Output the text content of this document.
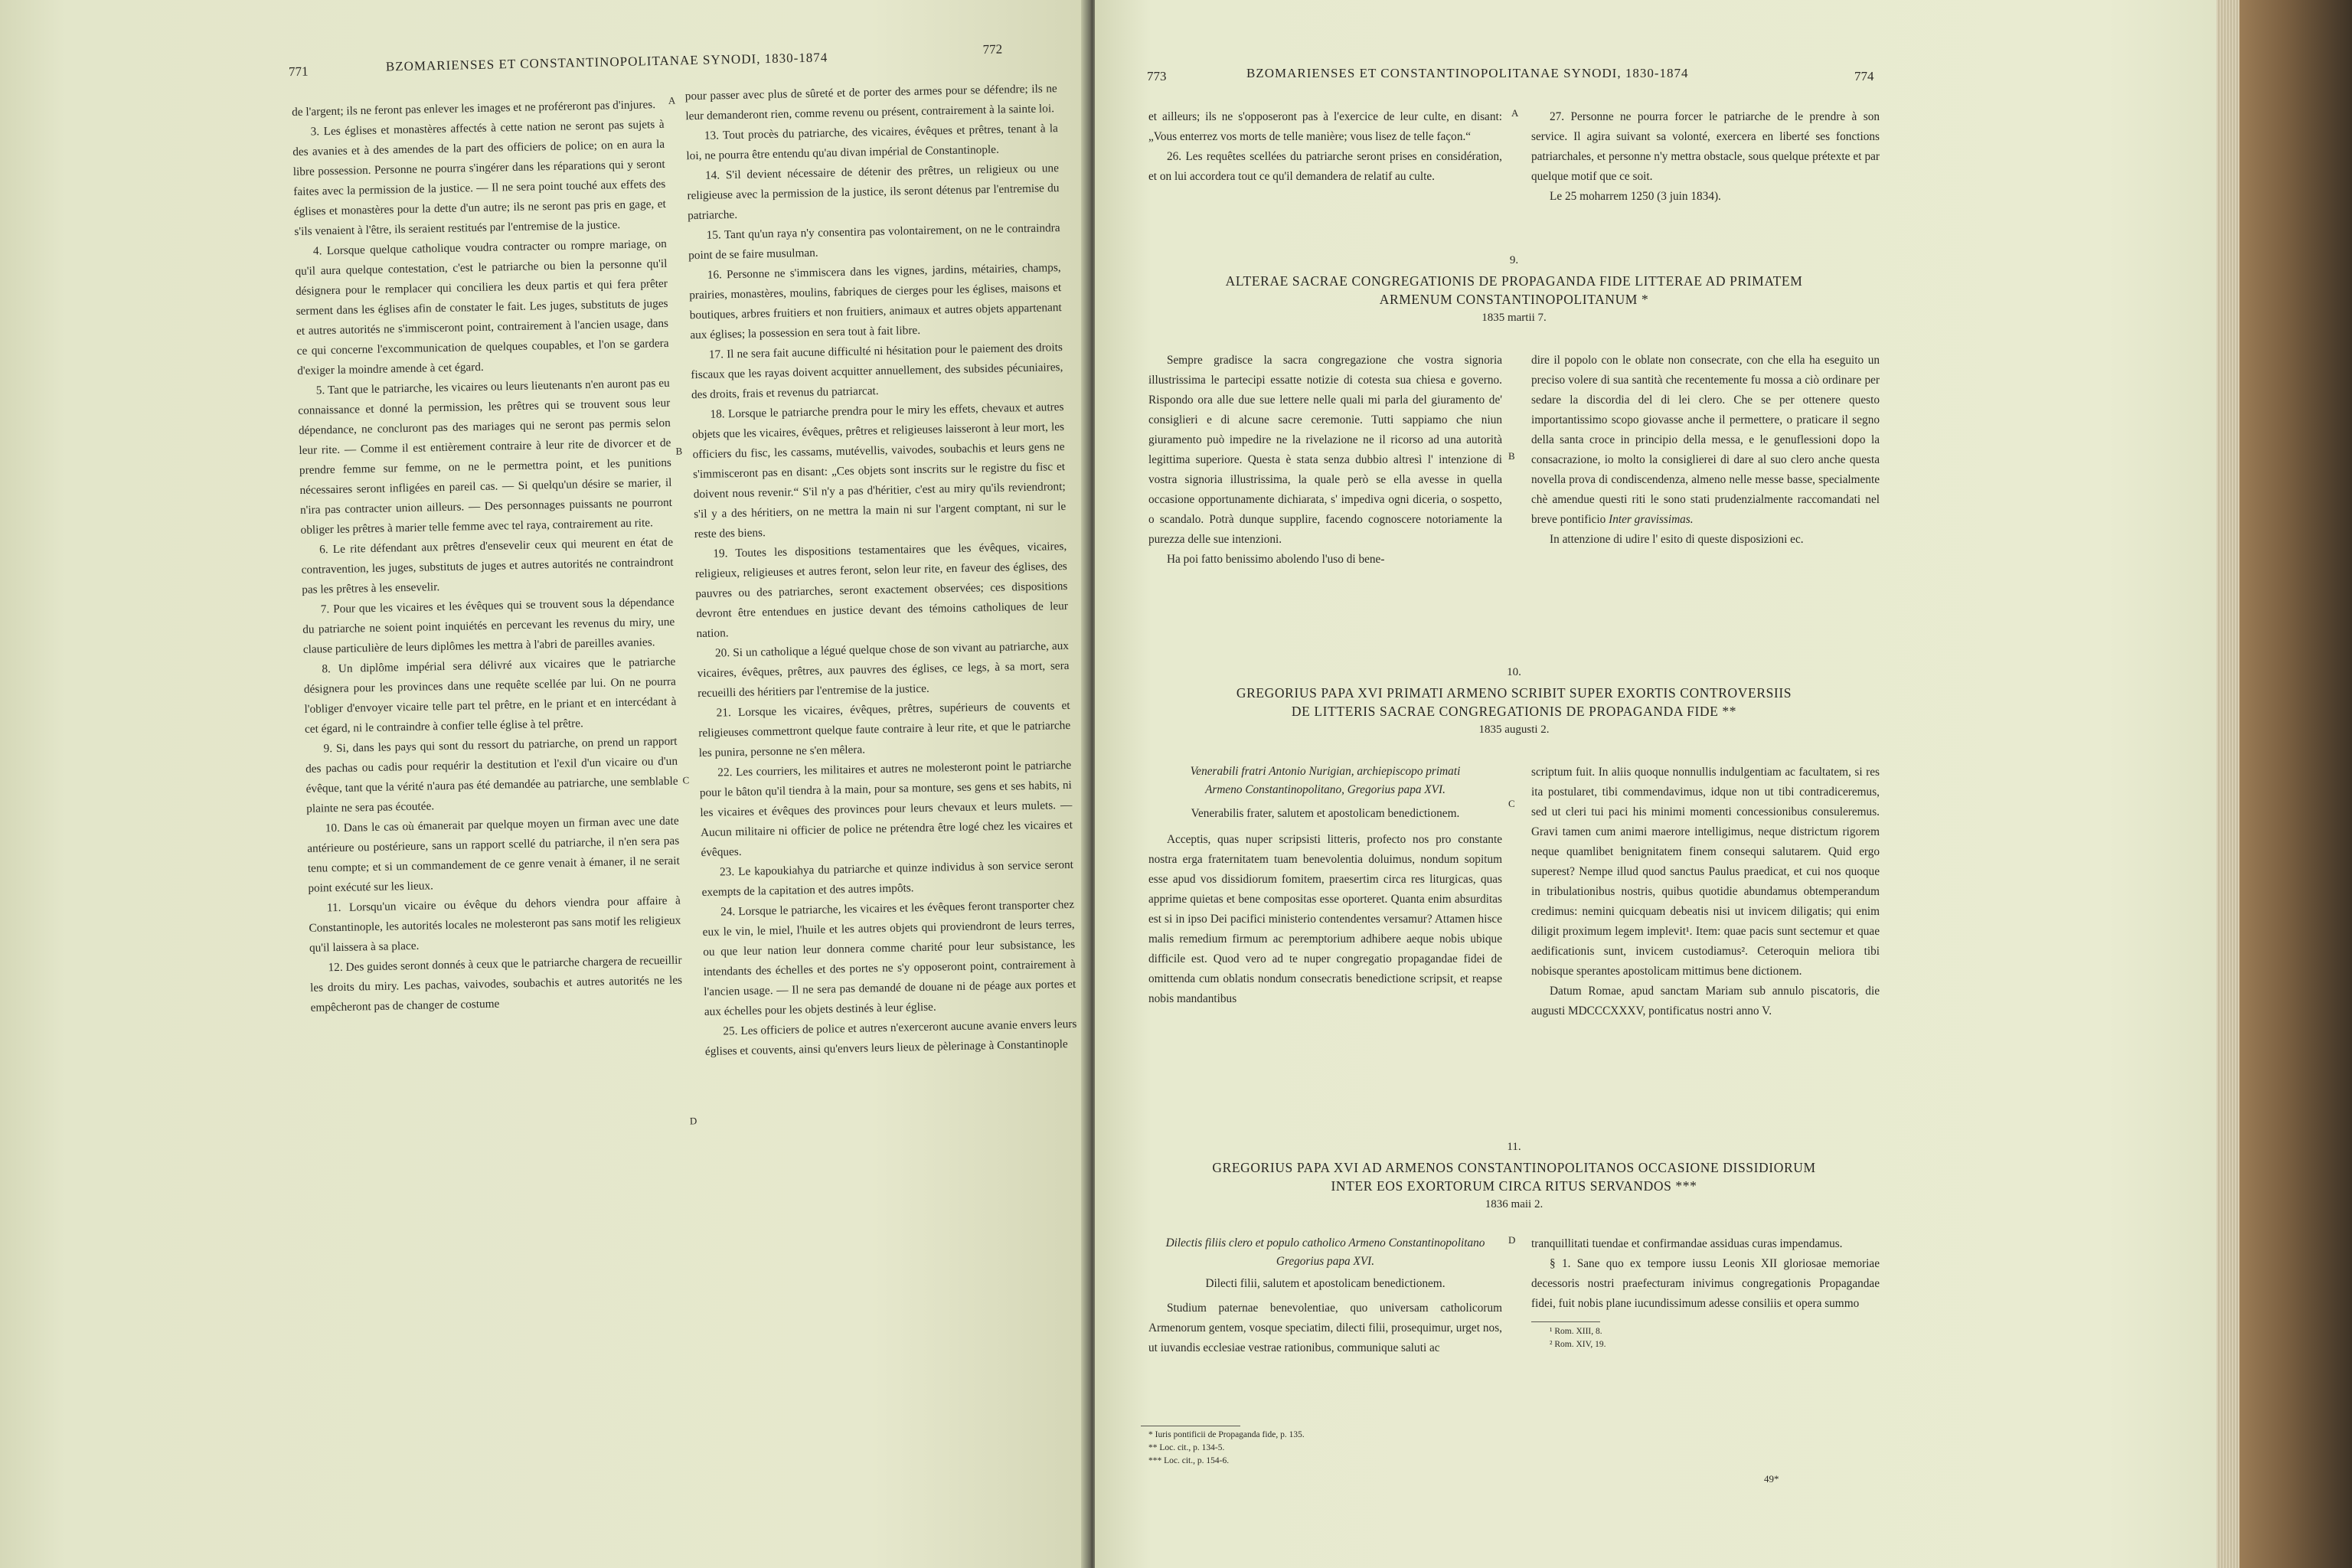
771	BZOMARIENSES ET CONSTANTINOPOLITANAE SYNODI, 1830-1874
772

de l'argent; ils ne feront pas enlever les images et ne proféreront pas d'injures.

3. Les églises et monastères affectés à cette nation ne seront pas sujets à des avanies et à des amendes de la part des officiers de police; on en aura la libre possession. Personne ne pourra s'ingérer dans les réparations qui y seront faites avec la permission de la justice. — Il ne sera point touché aux effets des églises et monastères pour la dette d'un autre; ils ne seront pas pris en gage, et s'ils venaient à l'être, ils seraient restitués par l'entremise de la justice.

4. Lorsque quelque catholique voudra contracter ou rompre mariage, on qu'il aura quelque contestation, c'est le patriarche ou bien la personne qu'il désignera pour le remplacer qui conciliera les deux partis et qui fera prêter serment dans les églises afin de constater le fait. Les juges, substituts de juges et autres autorités ne s'immisceront point, contrairement à l'ancien usage, dans ce qui concerne l'excommunication de quelques coupables, et l'on se gardera d'exiger la moindre amende à cet égard.

5. Tant que le patriarche, les vicaires ou leurs lieutenants n'en auront pas eu connaissance et donné la permission, les prêtres qui se trouvent sous leur dépendance, ne concluront pas des mariages qui ne seront pas permis selon leur rite. — Comme il est entièrement contraire à leur rite de divorcer et de prendre femme sur femme, on ne le permettra point, et les punitions nécessaires seront infligées en pareil cas. — Si quelqu'un désire se marier, il n'ira pas contracter union ailleurs. — Des personnages puissants ne pourront obliger les prêtres à marier telle femme avec tel raya, contrairement au rite.

6. Le rite défendant aux prêtres d'ensevelir ceux qui meurent en état de contravention, les juges, substituts de juges et autres autorités ne contraindront pas les prêtres à les ensevelir.

7. Pour que les vicaires et les évêques qui se trouvent sous la dépendance du patriarche ne soient point inquiétés en percevant les revenus du miry, une clause particulière de leurs diplômes les mettra à l'abri de pareilles avanies.

8. Un diplôme impérial sera délivré aux vicaires que le patriarche désignera pour les provinces dans une requête scellée par lui. On ne pourra l'obliger d'envoyer vicaire telle part tel prêtre, en le priant et en intercédant à cet égard, ni le contraindre à confier telle église à tel prêtre.

9. Si, dans les pays qui sont du ressort du patriarche, on prend un rapport des pachas ou cadis pour requérir la destitution et l'exil d'un vicaire ou d'un évêque, tant que la vérité n'aura pas été demandée au patriarche, une semblable plainte ne sera pas écoutée.

10. Dans le cas où émanerait par quelque moyen un firman avec une date antérieure ou postérieure, sans un rapport scellé du patriarche, il n'en sera pas tenu compte; et si un commandement de ce genre venait à émaner, il ne serait point exécuté sur les lieux.

11. Lorsqu'un vicaire ou évêque du dehors viendra pour affaire à Constantinople, les autorités locales ne molesteront pas sans motif les religieux qu'il laissera à sa place.

12. Des guides seront donnés à ceux que le patriarche chargera de recueillir les droits du miry. Les pachas, vaivodes, soubachis et autres autorités ne les empêcheront pas de changer de costume

pour passer avec plus de sûreté et de porter des armes pour se défendre; ils ne leur demanderont rien, comme revenu ou présent, contrairement à la sainte loi.

13. Tout procès du patriarche, des vicaires, évêques et prêtres, tenant à la loi, ne pourra être entendu qu'au divan impérial de Constantinople.

14. S'il devient nécessaire de détenir des prêtres, un religieux ou une religieuse avec la permission de la justice, ils seront détenus par l'entremise du patriarche.

15. Tant qu'un raya n'y consentira pas volontairement, on ne le contraindra point de se faire musulman.

16. Personne ne s'immiscera dans les vignes, jardins, métairies, champs, prairies, monastères, moulins, fabriques de cierges pour les églises, maisons et boutiques, arbres fruitiers et non fruitiers, animaux et autres objets appartenant aux églises; la possession en sera tout à fait libre.

17. Il ne sera fait aucune difficulté ni hésitation pour le paiement des droits fiscaux que les rayas doivent acquitter annuellement, des subsides pécuniaires, des droits, frais et revenus du patriarcat.

18. Lorsque le patriarche prendra pour le miry les effets, chevaux et autres objets que les vicaires, évêques, prêtres et religieuses laisseront à leur mort, les officiers du fisc, les cassams, mutévellis, vaivodes, soubachis et leurs gens ne s'immisceront pas en disant: „Ces objets sont inscrits sur le registre du fisc et doivent nous revenir.“ S'il n'y a pas d'héritier, c'est au miry qu'ils reviendront; s'il y a des héritiers, on ne mettra la main ni sur l'argent comptant, ni sur le reste des biens.

19. Toutes les dispositions testamentaires que les évêques, vicaires, religieux, religieuses et autres feront, selon leur rite, en faveur des églises, des pauvres ou des patriarches, seront exactement observées; ces dispositions devront être entendues en justice devant des témoins catholiques de leur nation.

20. Si un catholique a légué quelque chose de son vivant au patriarche, aux vicaires, évêques, prêtres, aux pauvres des églises, ce legs, à sa mort, sera recueilli des héritiers par l'entremise de la justice.

21. Lorsque les vicaires, évêques, prêtres, supérieurs de couvents et religieuses commettront quelque faute contraire à leur rite, et que le patriarche les punira, personne ne s'en mêlera.

22. Les courriers, les militaires et autres ne molesteront point le patriarche pour le bâton qu'il tiendra à la main, pour sa monture, ses gens et ses habits, ni les vicaires et évêques des provinces pour leurs chevaux et leurs mulets. — Aucun militaire ni officier de police ne prétendra être logé chez les vicaires et évêques.

23. Le kapoukiahya du patriarche et quinze individus à son service seront exempts de la capitation et des autres impôts.

24. Lorsque le patriarche, les vicaires et les évêques feront transporter chez eux le vin, le miel, l'huile et les autres objets qui proviendront de leurs terres, ou que leur nation leur donnera comme charité pour leur subsistance, les intendants des échelles et des portes ne s'y opposeront point, contrairement à l'ancien usage. — Il ne sera pas demandé de douane ni de péage aux portes et aux échelles pour les objets destinés à leur église.

25. Les officiers de police et autres n'exerceront aucune avanie envers leurs églises et couvents, ainsi qu'envers leurs lieux de pèlerinage à Constantinople

A
B
C
D
773	BZOMARIENSES ET CONSTANTINOPOLITANAE SYNODI, 1830-1874	774

et ailleurs; ils ne s'opposeront pas à l'exercice de leur culte, en disant: „Vous enterrez vos morts de telle manière; vous lisez de telle façon.“

26. Les requêtes scellées du patriarche seront prises en considération, et on lui accordera tout ce qu'il demandera de relatif au culte.

27. Personne ne pourra forcer le patriarche de le prendre à son service. Il agira suivant sa volonté, exercera en liberté ses fonctions patriarchales, et personne n'y mettra obstacle, sous quelque prétexte et par quelque motif que ce soit.

Le 25 moharrem 1250 (3 juin 1834).

A

9.

ALTERAE SACRAE CONGREGATIONIS DE PROPAGANDA FIDE LITTERAE AD PRIMATEM

ARMENUM CONSTANTINOPOLITANUM *

1835 martii 7.

Sempre gradisce la sacra congregazione che vostra signoria illustrissima le partecipi essatte notizie di cotesta sua chiesa e governo. Rispondo ora alle due sue lettere nelle quali mi parla del giuramento de' consiglieri e di alcune sacre ceremonie. Tutti sappiamo che niun giuramento può impedire ne la rivelazione ne il ricorso ad una autorità legittima superiore. Questa è stata senza dubbio altresì l' intenzione di vostra signoria illustrissima, la quale però se ella avesse in quella occasione opportunamente dichiarata, s' impediva ogni diceria, o sospetto, o scandalo. Potrà dunque supplire, facendo cognoscere notoriamente la purezza delle sue intenzioni.

Ha poi fatto benissimo abolendo l'uso di bene-

dire il popolo con le oblate non consecrate, con che ella ha eseguito un preciso volere di sua santità che recentemente fu mossa a ciò ordinare per sedare la discordia del di lei clero. Che se per ottenere questo importantissimo scopo giovasse anche il permettere, o praticare il segno della santa croce in principio della messa, e le genuflessioni dopo la consacrazione, io molto la consiglierei di dare al suo clero anche questa novella prova di condiscendenza, almeno nelle messe basse, specialmente chè amendue questi riti le sono stati prudenzialmente raccomandati nel breve pontificio Inter gravissimas.

In attenzione di udire l' esito di queste disposizioni ec.

B

10.

GREGORIUS PAPA XVI PRIMATI ARMENO SCRIBIT SUPER EXORTIS CONTROVERSIIS

DE LITTERIS SACRAE CONGREGATIONIS DE PROPAGANDA FIDE **

1835 augusti 2.

Venerabili fratri Antonio Nurigian, archiepiscopo primati Armeno Constantinopolitano, Gregorius papa XVI.

Venerabilis frater, salutem et apostolicam benedictionem.

Acceptis, quas nuper scripsisti litteris, profecto nos pro constante nostra erga fraternitatem tuam benevolentia doluimus, nondum sopitum esse apud vos dissidiorum fomitem, praesertim circa res liturgicas, quas apprime quietas et bene compositas esse oporteret. Quanta enim absurditas est si in ipso Dei pacifici ministerio contendentes versamur? Attamen hisce malis remedium firmum ac peremptorium adhibere aeque nobis ubique difficile est. Quod vero ad te nuper congregatio propagandae fidei de omittenda cum oblatis nondum consecratis benedictione scripsit, et reapse nobis mandantibus

scriptum fuit. In aliis quoque nonnullis indulgentiam ac facultatem, si res ita postularet, tibi commendavimus, idque non ut tibi contradiceremus, sed ut cleri tui paci his minimi momenti concessionibus consuleremus. Gravi tamen cum animi maerore intelligimus, neque districtum rigorem neque quamlibet benignitatem finem consequi salutarem. Quid ergo superest? Nempe illud quod sanctus Paulus praedicat, et cui nos quoque in tribulationibus nostris, quibus quotidie abundamus obtemperandum credimus: nemini quicquam debeatis nisi ut invicem diligatis; qui enim diligit proximum legem implevit¹. Item: quae pacis sunt sectemur et quae aedificationis sunt, invicem custodiamus². Ceteroquin meliora tibi nobisque sperantes apostolicam mittimus bene dictionem.

Datum Romae, apud sanctam Mariam sub annulo piscatoris, die augusti MDCCCXXXV, pontificatus nostri anno V.

C

11.

GREGORIUS PAPA XVI AD ARMENOS CONSTANTINOPOLITANOS OCCASIONE DISSIDIORUM

INTER EOS EXORTORUM CIRCA RITUS SERVANDOS ***

1836 maii 2.

Dilectis filiis clero et populo catholico Armeno Constantinopolitano Gregorius papa XVI.

Dilecti filii, salutem et apostolicam benedictionem.

Studium paternae benevolentiae, quo universam catholicorum Armenorum gentem, vosque speciatim, dilecti filii, prosequimur, urget nos, ut iuvandis ecclesiae vestrae rationibus, communique saluti ac

tranquillitati tuendae et confirmandae assiduas curas impendamus.

§ 1. Sane quo ex tempore iussu Leonis XII gloriosae memoriae decessoris nostri praefecturam inivimus congregationis Propagandae fidei, fuit nobis plane iucundissimum adesse consiliis et opera summo

¹ Rom. XIII, 8.
² Rom. XIV, 19.
D
* Iuris pontificii de Propaganda fide, p. 135.
** Loc. cit., p. 134-5.
*** Loc. cit., p. 154-6.
49*
